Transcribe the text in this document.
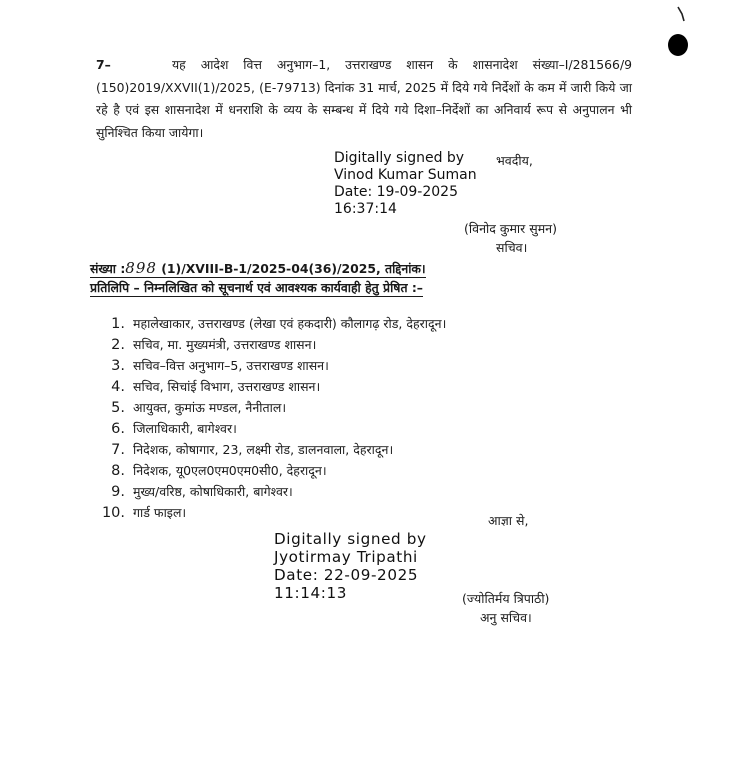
7–	यह आदेश वित्त अनुभाग–1, उत्तराखण्ड शासन के शासनादेश संख्या–I/281566/9 (150)2019/XXVII(1)/2025, (E-79713) दिनांक 31 मार्च, 2025 में दिये गये निर्देशों के कम में जारी किये जा रहे है एवं इस शासनादेश में धनराशि के व्यय के सम्बन्ध में दिये गये दिशा–निर्देशों का अनिवार्य रूप से अनुपालन भी सुनिश्चित किया जायेगा।
Digitally signed by
Vinod Kumar Suman
Date: 19-09-2025
16:37:14
भवदीय,
(विनोद कुमार सुमन)
सचिव।
संख्या :898 (1)/XVIII-B-1/2025-04(36)/2025, तद्दिनांक।
प्रतिलिपि – निम्नलिखित को सूचनार्थ एवं आवश्यक कार्यवाही हेतु प्रेषित :–
1. महालेखाकार, उत्तराखण्ड (लेखा एवं हकदारी) कौलागढ़ रोड, देहरादून।
2. सचिव, मा. मुख्यमंत्री, उत्तराखण्ड शासन।
3. सचिव–वित्त अनुभाग–5, उत्तराखण्ड शासन।
4. सचिव, सिचांई विभाग, उत्तराखण्ड शासन।
5. आयुक्त, कुमांऊ मण्डल, नैनीताल।
6. जिलाधिकारी, बागेश्वर।
7. निदेशक, कोषागार, 23, लक्ष्मी रोड, डालनवाला, देहरादून।
8. निदेशक, यू0एल0एम0एम0सी0, देहरादून।
9. मुख्य/वरिष्ठ, कोषाधिकारी, बागेश्वर।
10. गार्ड फाइल।
आज्ञा से,
Digitally signed by
Jyotirmay Tripathi
Date: 22-09-2025
11:14:13	(ज्योतिर्मय त्रिपाठी)
अनु सचिव।
